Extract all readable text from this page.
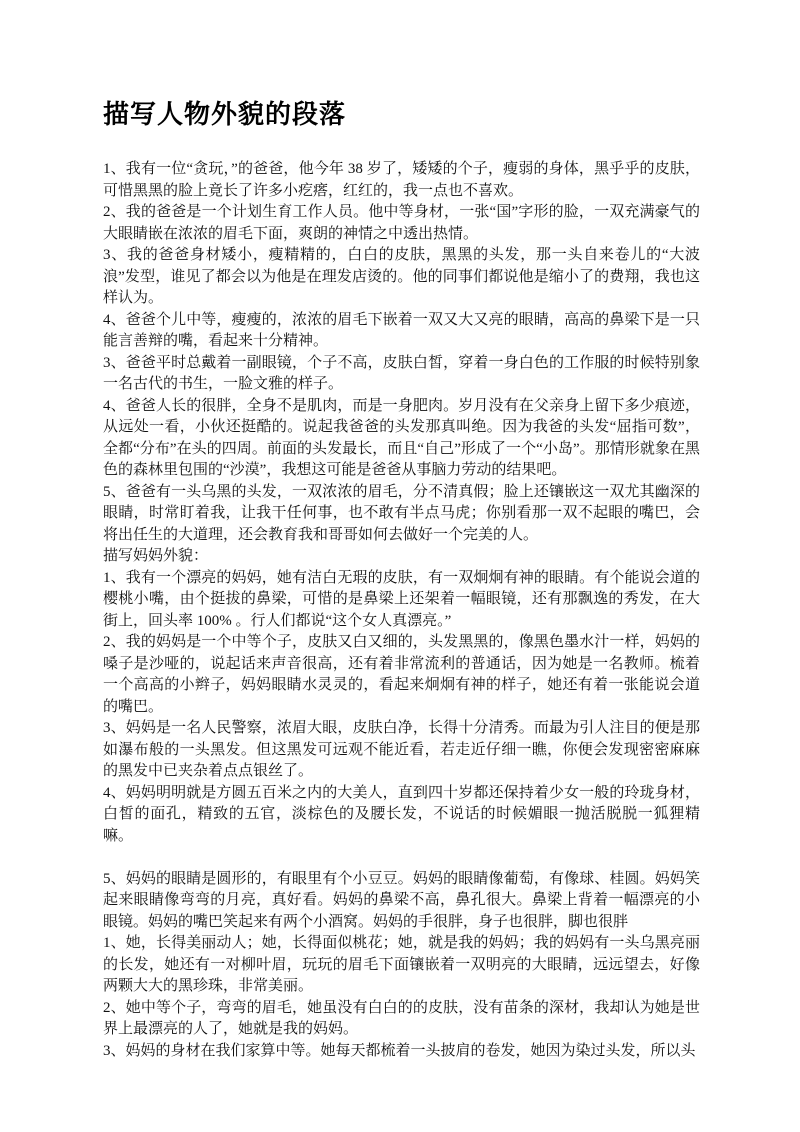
描写人物外貌的段落

1、我有一位“贪玩，”的爸爸，他今年 38 岁了，矮矮的个子，瘦弱的身体，黑乎乎的皮肤，可惜黑黑的脸上竟长了许多小疙瘩，红红的，我一点也不喜欢。

2、我的爸爸是一个计划生育工作人员。他中等身材，一张“国”字形的脸，一双充满豪气的大眼睛嵌在浓浓的眉毛下面，爽朗的神情之中透出热情。

3、我的爸爸身材矮小，瘦精精的，白白的皮肤，黑黑的头发，那一头自来卷儿的“大波浪”发型，谁见了都会以为他是在理发店烫的。他的同事们都说他是缩小了的费翔，我也这样认为。

4、爸爸个儿中等，瘦瘦的，浓浓的眉毛下嵌着一双又大又亮的眼睛，高高的鼻梁下是一只能言善辩的嘴，看起来十分精神。

3、爸爸平时总戴着一副眼镜，个子不高，皮肤白皙，穿着一身白色的工作服的时候特别象一名古代的书生，一脸文雅的样子。

4、爸爸人长的很胖，全身不是肌肉，而是一身肥肉。岁月没有在父亲身上留下多少痕迹，从远处一看，小伙还挺酷的。说起我爸爸的头发那真叫绝。因为我爸的头发“屈指可数”，全都“分布”在头的四周。前面的头发最长，而且“自己”形成了一个“小岛”。那情形就象在黑色的森林里包围的“沙漠”，我想这可能是爸爸从事脑力劳动的结果吧。

5、爸爸有一头乌黑的头发，一双浓浓的眉毛，分不清真假；脸上还镶嵌这一双尤其幽深的眼睛，时常盯着我，让我干任何事，也不敢有半点马虎；你别看那一双不起眼的嘴巴，会将出任生的大道理，还会教育我和哥哥如何去做好一个完美的人。

描写妈妈外貌：

1、我有一个漂亮的妈妈，她有洁白无瑕的皮肤，有一双炯炯有神的眼睛。有个能说会道的樱桃小嘴，由个挺拔的鼻梁，可惜的是鼻梁上还架着一幅眼镜，还有那飘逸的秀发，在大街上，回头率 100% 。行人们都说“这个女人真漂亮。”

2、我的妈妈是一个中等个子，皮肤又白又细的，头发黑黑的，像黑色墨水汁一样，妈妈的嗓子是沙哑的，说起话来声音很高，还有着非常流利的普通话，因为她是一名教师。梳着一个高高的小辫子，妈妈眼睛水灵灵的，看起来炯炯有神的样子，她还有着一张能说会道的嘴巴。

3、妈妈是一名人民警察，浓眉大眼，皮肤白净，长得十分清秀。而最为引人注目的便是那如瀑布般的一头黑发。但这黑发可远观不能近看，若走近仔细一瞧，你便会发现密密麻麻的黑发中已夹杂着点点银丝了。

4、妈妈明明就是方圆五百米之内的大美人，直到四十岁都还保持着少女一般的玲珑身材，白皙的面孔，精致的五官，淡棕色的及腰长发，不说话的时候媚眼一抛活脱脱一狐狸精嘛。

5、妈妈的眼睛是圆形的，有眼里有个小豆豆。妈妈的眼睛像葡萄，有像球、桂圆。妈妈笑起来眼睛像弯弯的月亮，真好看。妈妈的鼻梁不高，鼻孔很大。鼻梁上背着一幅漂亮的小眼镜。妈妈的嘴巴笑起来有两个小酒窝。妈妈的手很胖，身子也很胖，脚也很胖

1、她，长得美丽动人；她，长得面似桃花；她，就是我的妈妈；我的妈妈有一头乌黑亮丽的长发，她还有一对柳叶眉，玩玩的眉毛下面镶嵌着一双明亮的大眼睛，远远望去，好像两颗大大的黑珍珠，非常美丽。

2、她中等个子，弯弯的眉毛，她虽没有白白的的皮肤，没有苗条的深材，我却认为她是世界上最漂亮的人了，她就是我的妈妈。

3、妈妈的身材在我们家算中等。她每天都梳着一头披肩的卷发，她因为染过头发，所以头
